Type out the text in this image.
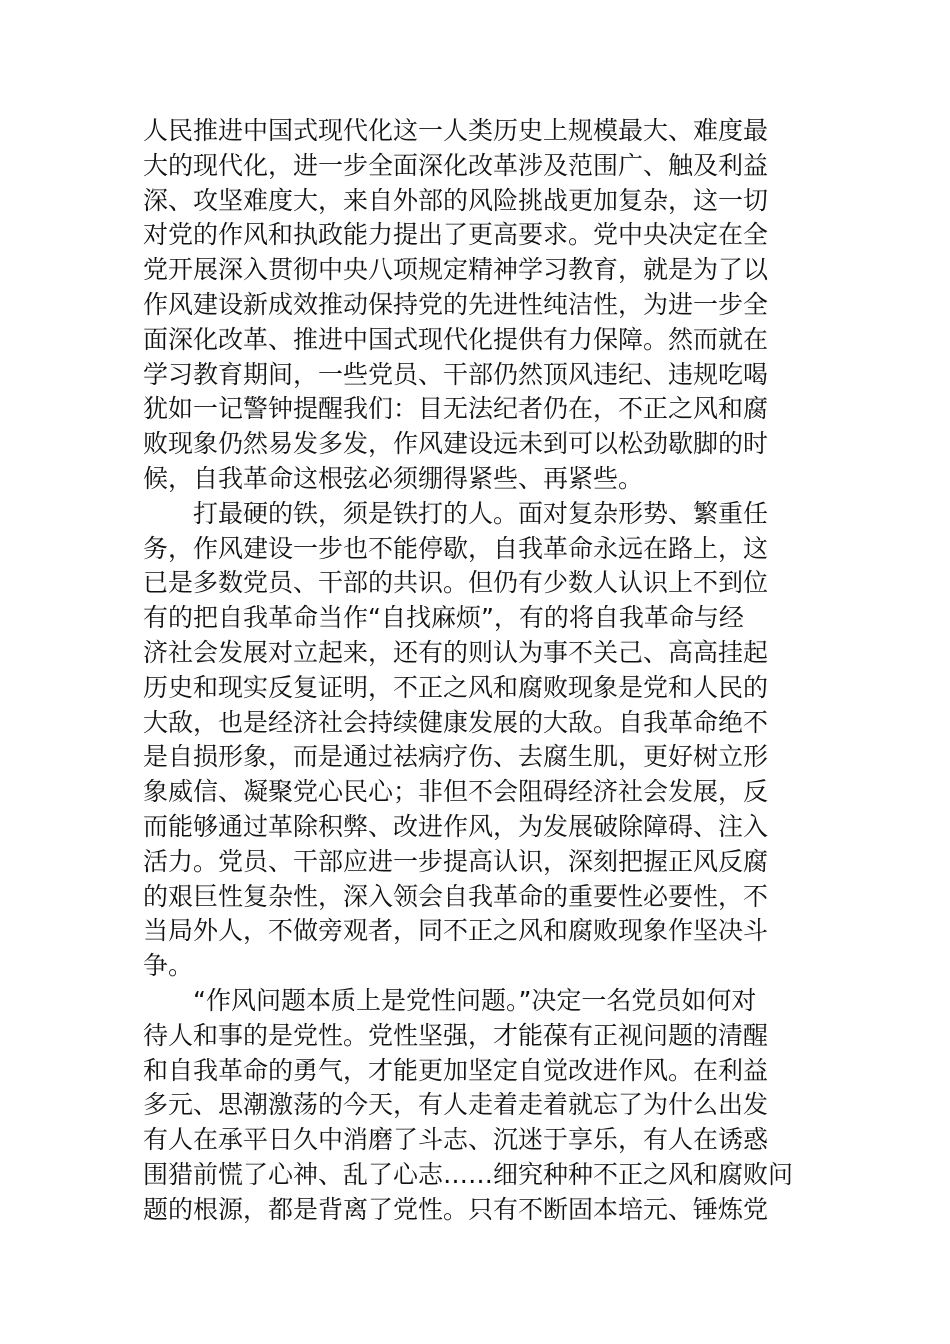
人民推进中国式现代化这一人类历史上规模最大、难度最
大的现代化，进一步全面深化改革涉及范围广、触及利益
深、攻坚难度大，来自外部的风险挑战更加复杂，这一切
对党的作风和执政能力提出了更高要求。党中央决定在全
党开展深入贯彻中央八项规定精神学习教育，就是为了以
作风建设新成效推动保持党的先进性纯洁性，为进一步全
面深化改革、推进中国式现代化提供有力保障。然而就在
学习教育期间，一些党员、干部仍然顶风违纪、违规吃喝
犹如一记警钟提醒我们：目无法纪者仍在，不正之风和腐
败现象仍然易发多发，作风建设远未到可以松劲歇脚的时
候，自我革命这根弦必须绷得紧些、再紧些。
打最硬的铁，须是铁打的人。面对复杂形势、繁重任
务，作风建设一步也不能停歇，自我革命永远在路上，这
已是多数党员、干部的共识。但仍有少数人认识上不到位
有的把自我革命当作“自找麻烦”，有的将自我革命与经
济社会发展对立起来，还有的则认为事不关己、高高挂起
历史和现实反复证明，不正之风和腐败现象是党和人民的
大敌，也是经济社会持续健康发展的大敌。自我革命绝不
是自损形象，而是通过祛病疗伤、去腐生肌，更好树立形
象威信、凝聚党心民心；非但不会阻碍经济社会发展，反
而能够通过革除积弊、改进作风，为发展破除障碍、注入
活力。党员、干部应进一步提高认识，深刻把握正风反腐
的艰巨性复杂性，深入领会自我革命的重要性必要性，不
当局外人，不做旁观者，同不正之风和腐败现象作坚决斗
争。
“作风问题本质上是党性问题。”决定一名党员如何对
待人和事的是党性。党性坚强，才能葆有正视问题的清醒
和自我革命的勇气，才能更加坚定自觉改进作风。在利益
多元、思潮激荡的今天，有人走着走着就忘了为什么出发
有人在承平日久中消磨了斗志、沉迷于享乐，有人在诱惑
围猎前慌了心神、乱了心志……细究种种不正之风和腐败问
题的根源，都是背离了党性。只有不断固本培元、锤炼党
